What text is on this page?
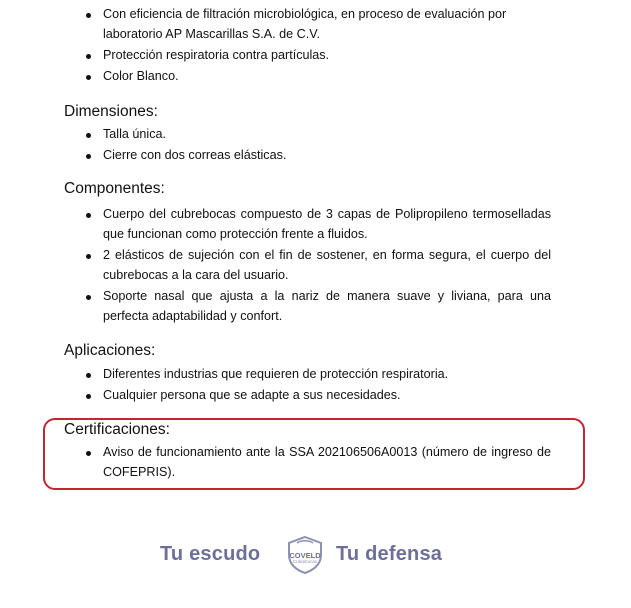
Con eficiencia de filtración microbiológica, en proceso de evaluación por laboratorio AP Mascarillas S.A. de C.V.
Protección respiratoria contra partículas.
Color Blanco.
Dimensiones:
Talla única.
Cierre con dos correas elásticas.
Componentes:
Cuerpo del cubrebocas compuesto de 3 capas de Polipropileno termoselladas que funcionan como protección frente a fluidos.
2 elásticos de sujeción con el fin de sostener, en forma segura, el cuerpo del cubrebocas a la cara del usuario.
Soporte nasal que ajusta a la nariz de manera suave y liviana, para una perfecta adaptabilidad y confort.
Aplicaciones:
Diferentes industrias que requieren de protección respiratoria.
Cualquier persona que se adapte a sus necesidades.
Certificaciones:
Aviso de funcionamiento ante la SSA 202106506A0013 (número de ingreso de COFEPRIS).
Tu escudo	COVELD
Cubrebocas Tu defensa
